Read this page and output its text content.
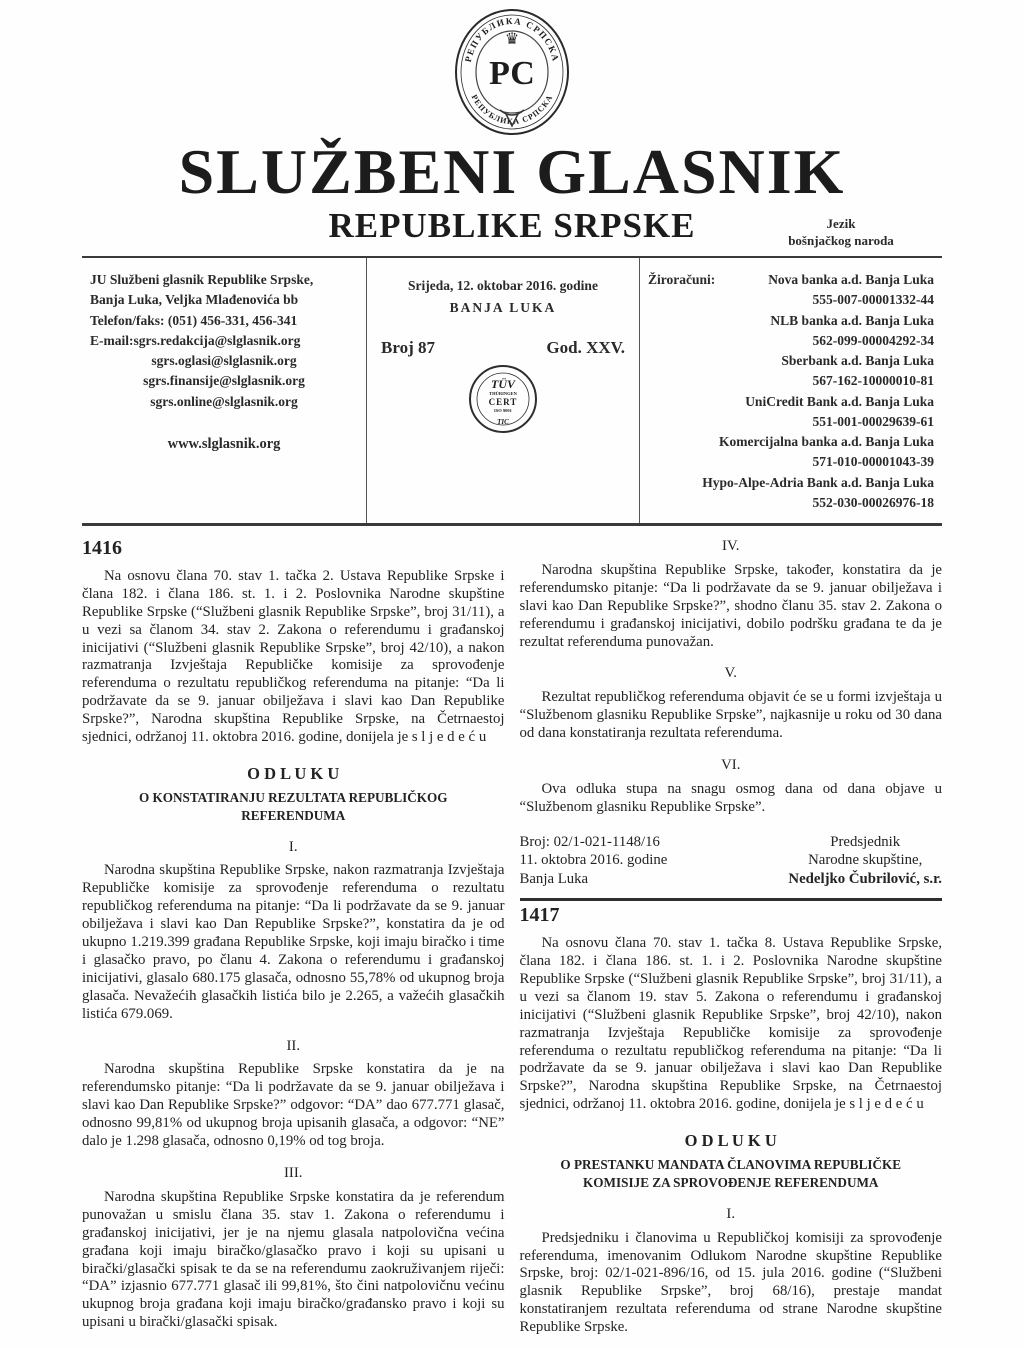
РЕПУБЛИКА СРПСКА
РЕПУБЛИКА СРПСКА
♛
РС
SLUŽBENI GLASNIK
REPUBLIKE SRPSKE	Jezik
bošnjačkog naroda
JU Službeni glasnik Republike Srpske,
Banja Luka, Veljka Mlađenovića bb
Telefon/faks: (051) 456-331, 456-341
E-mail:sgrs.redakcija@slglasnik.org
sgrs.oglasi@slglasnik.org
sgrs.finansije@slglasnik.org
sgrs.online@slglasnik.org
www.slglasnik.org
Srijeda, 12. oktobar 2016. godine
BANJA LUKA
Broj 87	God. XXV.
TÜV
THÜRINGEN
CERT
ISO 9001
TIC
Žiroračuni:	Nova banka a.d. Banja Luka
555-007-00001332-44
NLB banka a.d. Banja Luka
562-099-00004292-34
Sberbank a.d. Banja Luka
567-162-10000010-81
UniCredit Bank a.d. Banja Luka
551-001-00029639-61
Komercijalna banka a.d. Banja Luka
571-010-00001043-39
Hypo-Alpe-Adria Bank a.d. Banja Luka
552-030-00026976-18
1416

Na osnovu člana 70. stav 1. tačka 2. Ustava Republike Srpske i člana 182. i člana 186. st. 1. i 2. Poslovnika Narodne skupštine Republike Srpske (“Službeni glasnik Republike Srpske”, broj 31/11), a u vezi sa članom 34. stav 2. Zakona o referendumu i građanskoj inicijativi (“Službeni glasnik Republike Srpske”, broj 42/10), a nakon razmatranja Izvještaja Republičke komisije za sprovođenje referenduma o rezultatu republičkog referenduma na pitanje: “Da li podržavate da se 9. januar obilježava i slavi kao Dan Republike Srpske?”, Narodna skupština Republike Srpske, na Četrnaestoj sjednici, održanoj 11. oktobra 2016. godine, donijela je s l j e d e ć u

O D L U K U
O KONSTATIRANJU REZULTATA REPUBLIČKOG REFERENDUMA
I.

Narodna skupština Republike Srpske, nakon razmatranja Izvještaja Republičke komisije za sprovođenje referenduma o rezultatu republičkog referenduma na pitanje: “Da li podržavate da se 9. januar obilježava i slavi kao Dan Republike Srpske?”, konstatira da je od ukupno 1.219.399 građana Republike Srpske, koji imaju biračko i time i glasačko pravo, po članu 4. Zakona o referendumu i građanskoj inicijativi, glasalo 680.175 glasača, odnosno 55,78% od ukupnog broja glasača. Nevažećih glasačkih listića bilo je 2.265, a važećih glasačkih listića 679.069.

II.

Narodna skupština Republike Srpske konstatira da je na referendumsko pitanje: “Da li podržavate da se 9. januar obilježava i slavi kao Dan Republike Srpske?” odgovor: “DA” dao 677.771 glasač, odnosno 99,81% od ukupnog broja upisanih glasača, a odgovor: “NE” dalo je 1.298 glasača, odnosno 0,19% od tog broja.

III.

Narodna skupština Republike Srpske konstatira da je referendum punovažan u smislu člana 35. stav 1. Zakona o referendumu i građanskoj inicijativi, jer je na njemu glasala natpolovična većina građana koji imaju biračko/glasačko pravo i koji su upisani u birački/glasački spisak te da se na referendumu zaokruživanjem riječi: “DA” izjasnio 677.771 glasač ili 99,81%, što čini natpolovičnu većinu ukupnog broja građana koji imaju biračko/građansko pravo i koji su upisani u birački/glasački spisak.

IV.

Narodna skupština Republike Srpske, također, konstatira da je referendumsko pitanje: “Da li podržavate da se 9. januar obilježava i slavi kao Dan Republike Srpske?”, shodno članu 35. stav 2. Zakona o referendumu i građanskoj inicijativi, dobilo podršku građana te da je rezultat referenduma punovažan.

V.

Rezultat republičkog referenduma objavit će se u formi izvještaja u “Službenom glasniku Republike Srpske”, najkasnije u roku od 30 dana od dana konstatiranja rezultata referenduma.

VI.

Ova odluka stupa na snagu osmog dana od dana objave u “Službenom glasniku Republike Srpske”.

Broj: 02/1-021-1148/16
11. oktobra 2016. godine
Banja Luka
Predsjednik
Narodne skupštine,
Nedeljko Čubrilović, s.r.
1417

Na osnovu člana 70. stav 1. tačka 8. Ustava Republike Srpske, člana 182. i člana 186. st. 1. i 2. Poslovnika Narodne skupštine Republike Srpske (“Službeni glasnik Republike Srpske”, broj 31/11), a u vezi sa članom 19. stav 5. Zakona o referendumu i građanskoj inicijativi (“Službeni glasnik Republike Srpske”, broj 42/10), nakon razmatranja Izvještaja Republičke komisije za sprovođenje referenduma o rezultatu republičkog referenduma na pitanje: “Da li podržavate da se 9. januar obilježava i slavi kao Dan Republike Srpske?”, Narodna skupština Republike Srpske, na Četrnaestoj sjednici, održanoj 11. oktobra 2016. godine, donijela je s l j e d e ć u

O D L U K U
O PRESTANKU MANDATA ČLANOVIMA REPUBLIČKE KOMISIJE ZA SPROVOĐENJE REFERENDUMA
I.

Predsjedniku i članovima u Republičkoj komisiji za sprovođenje referenduma, imenovanim Odlukom Narodne skupštine Republike Srpske, broj: 02/1-021-896/16, od 15. jula 2016. godine (“Službeni glasnik Republike Srpske”, broj 68/16), prestaje mandat konstatiranjem rezultata referenduma od strane Narodne skupštine Republike Srpske.
